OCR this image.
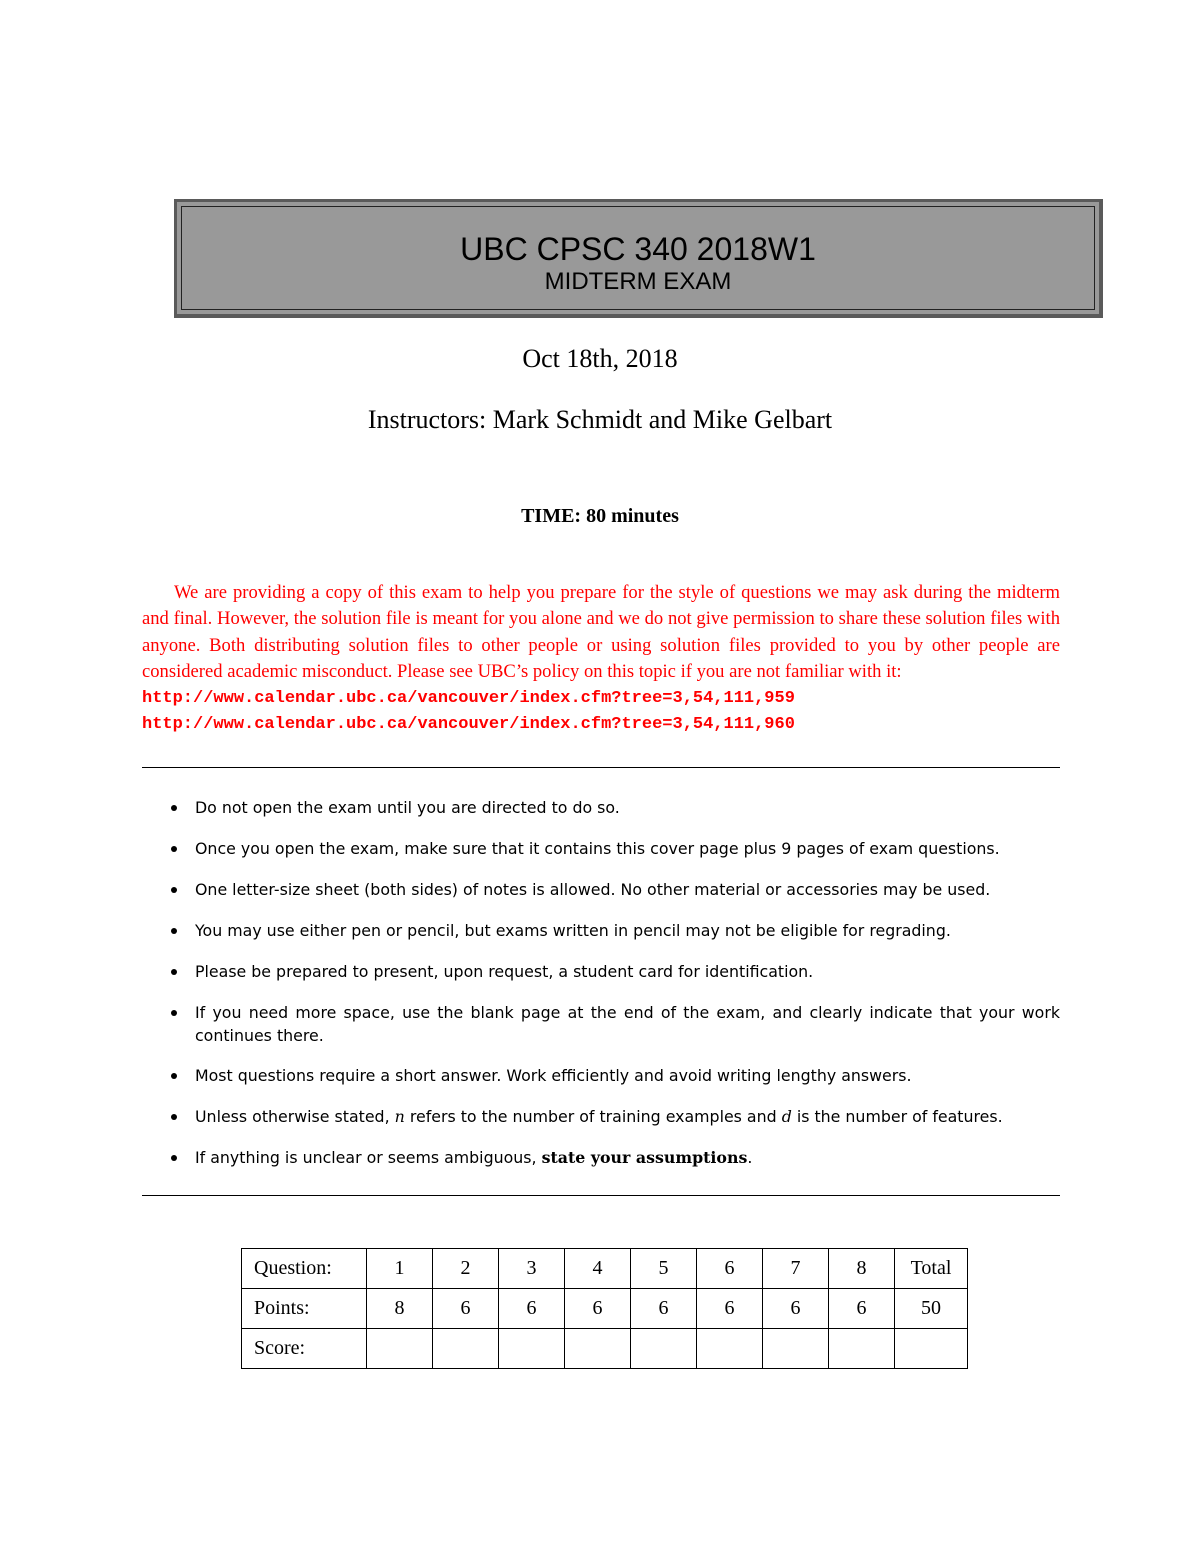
UBC CPSC 340 2018W1
MIDTERM EXAM
Oct 18th, 2018
Instructors: Mark Schmidt and Mike Gelbart
TIME: 80 minutes
We are providing a copy of this exam to help you prepare for the style of questions we may ask during the midterm and final. However, the solution file is meant for you alone and we do not give permission to share these solution files with anyone. Both distributing solution files to other people or using solution files provided to you by other people are considered academic misconduct. Please see UBC’s policy on this topic if you are not familiar with it:
http://www.calendar.ubc.ca/vancouver/index.cfm?tree=3,54,111,959
http://www.calendar.ubc.ca/vancouver/index.cfm?tree=3,54,111,960
Do not open the exam until you are directed to do so.
Once you open the exam, make sure that it contains this cover page plus 9 pages of exam questions.
One letter-size sheet (both sides) of notes is allowed. No other material or accessories may be used.
You may use either pen or pencil, but exams written in pencil may not be eligible for regrading.
Please be prepared to present, upon request, a student card for identification.
If you need more space, use the blank page at the end of the exam, and clearly indicate that your work continues there.
Most questions require a short answer. Work efficiently and avoid writing lengthy answers.
Unless otherwise stated, n refers to the number of training examples and d is the number of features.
If anything is unclear or seems ambiguous, state your assumptions.
Question:	1	2	3	4	5	6	7	8	Total
Points:	8	6	6	6	6	6	6	6	50
Score:									
